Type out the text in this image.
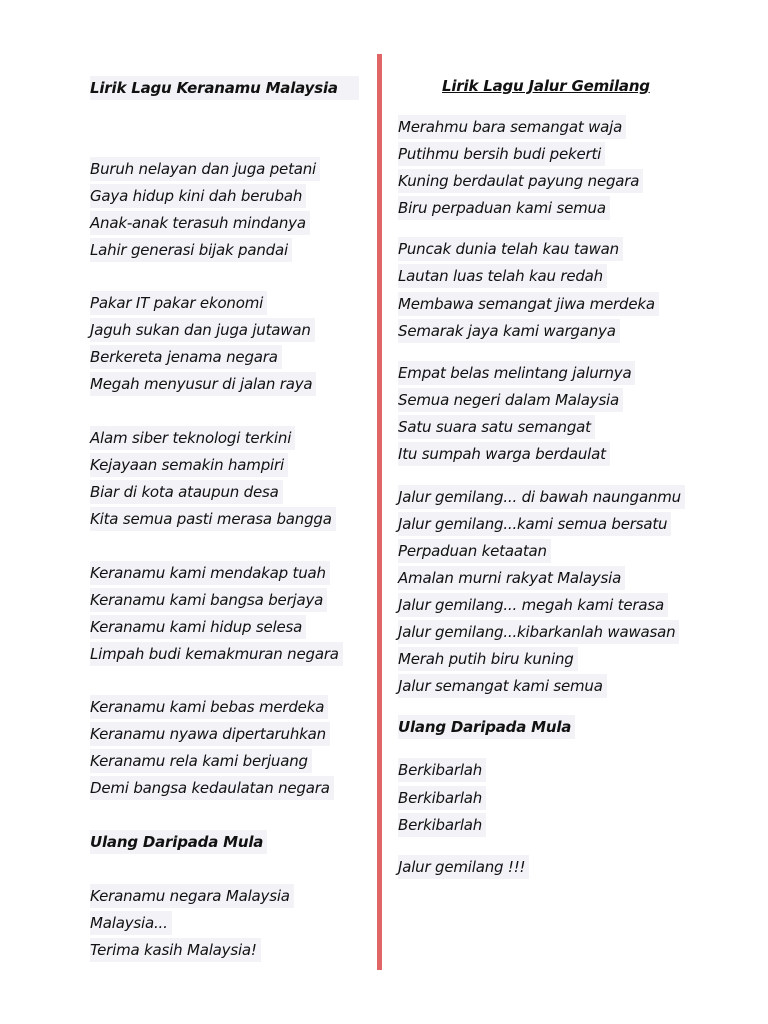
Lirik Lagu Keranamu Malaysia
Buruh nelayan dan juga petani
Gaya hidup kini dah berubah
Anak-anak terasuh mindanya
Lahir generasi bijak pandai
Pakar IT pakar ekonomi
Jaguh sukan dan juga jutawan
Berkereta jenama negara
Megah menyusur di jalan raya
Alam siber teknologi terkini
Kejayaan semakin hampiri
Biar di kota ataupun desa
Kita semua pasti merasa bangga
Keranamu kami mendakap tuah
Keranamu kami bangsa berjaya
Keranamu kami hidup selesa
Limpah budi kemakmuran negara
Keranamu kami bebas merdeka
Keranamu nyawa dipertaruhkan
Keranamu rela kami berjuang
Demi bangsa kedaulatan negara
Ulang Daripada Mula
Keranamu negara Malaysia
Malaysia...
Terima kasih Malaysia!
Lirik Lagu Jalur Gemilang
Merahmu bara semangat waja
Putihmu bersih budi pekerti
Kuning berdaulat payung negara
Biru perpaduan kami semua
Puncak dunia telah kau tawan
Lautan luas telah kau redah
Membawa semangat jiwa merdeka
Semarak jaya kami warganya
Empat belas melintang jalurnya
Semua negeri dalam Malaysia
Satu suara satu semangat
Itu sumpah warga berdaulat
Jalur gemilang... di bawah naunganmu
Jalur gemilang...kami semua bersatu
Perpaduan ketaatan
Amalan murni rakyat Malaysia
Jalur gemilang... megah kami terasa
Jalur gemilang...kibarkanlah wawasan
Merah putih biru kuning
Jalur semangat kami semua
Ulang Daripada Mula
Berkibarlah
Berkibarlah
Berkibarlah
Jalur gemilang !!!
